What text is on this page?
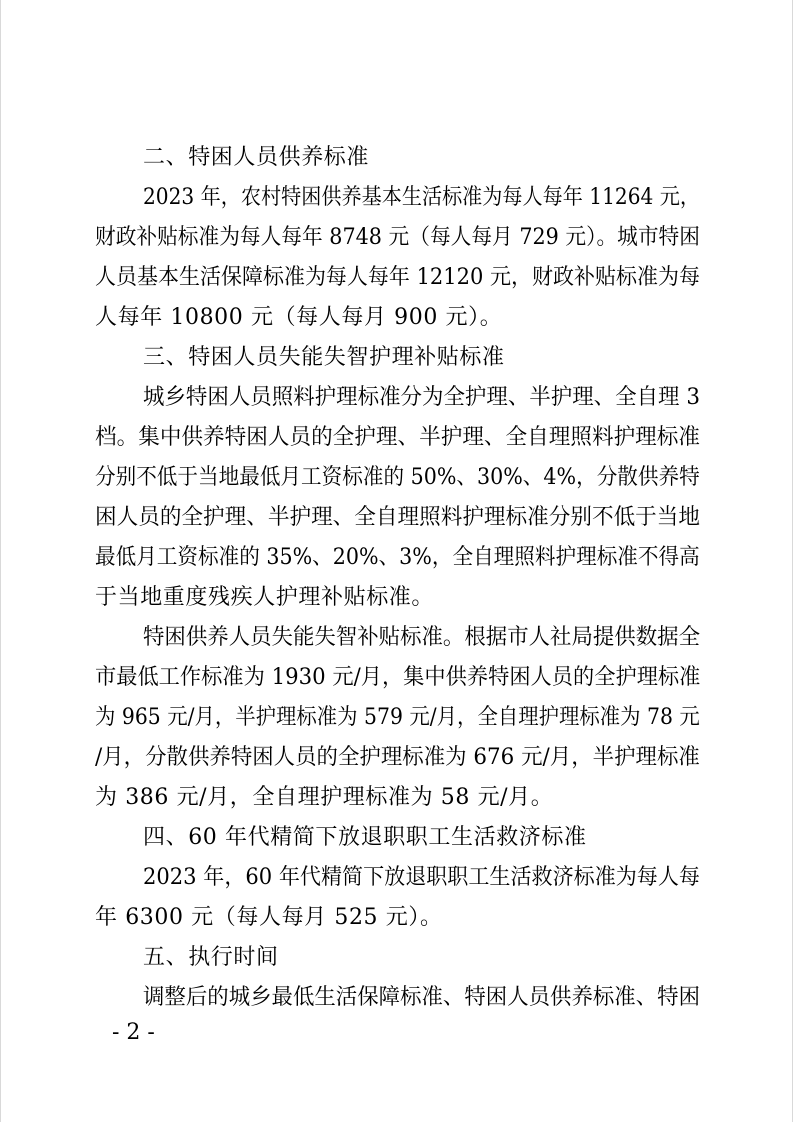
二、特困人员供养标准
2023 年，农村特困供养基本生活标准为每人每年 11264 元，
财政补贴标准为每人每年 8748 元（每人每月 729 元）。城市特困
人员基本生活保障标准为每人每年 12120 元，财政补贴标准为每
人每年 10800 元（每人每月 900 元）。
三、特困人员失能失智护理补贴标准
城乡特困人员照料护理标准分为全护理、半护理、全自理 3
档。集中供养特困人员的全护理、半护理、全自理照料护理标准
分别不低于当地最低月工资标准的 50%、30%、4%，分散供养特
困人员的全护理、半护理、全自理照料护理标准分别不低于当地
最低月工资标准的 35%、20%、3%，全自理照料护理标准不得高
于当地重度残疾人护理补贴标准。
特困供养人员失能失智补贴标准。根据市人社局提供数据全
市最低工作标准为 1930 元/月，集中供养特困人员的全护理标准
为 965 元/月，半护理标准为 579 元/月，全自理护理标准为 78 元
/月，分散供养特困人员的全护理标准为 676 元/月，半护理标准
为 386 元/月，全自理护理标准为 58 元/月。
四、60 年代精简下放退职职工生活救济标准
2023 年，60 年代精简下放退职职工生活救济标准为每人每
年 6300 元（每人每月 525 元）。
五、执行时间
调整后的城乡最低生活保障标准、特困人员供养标准、特困
- 2 -
